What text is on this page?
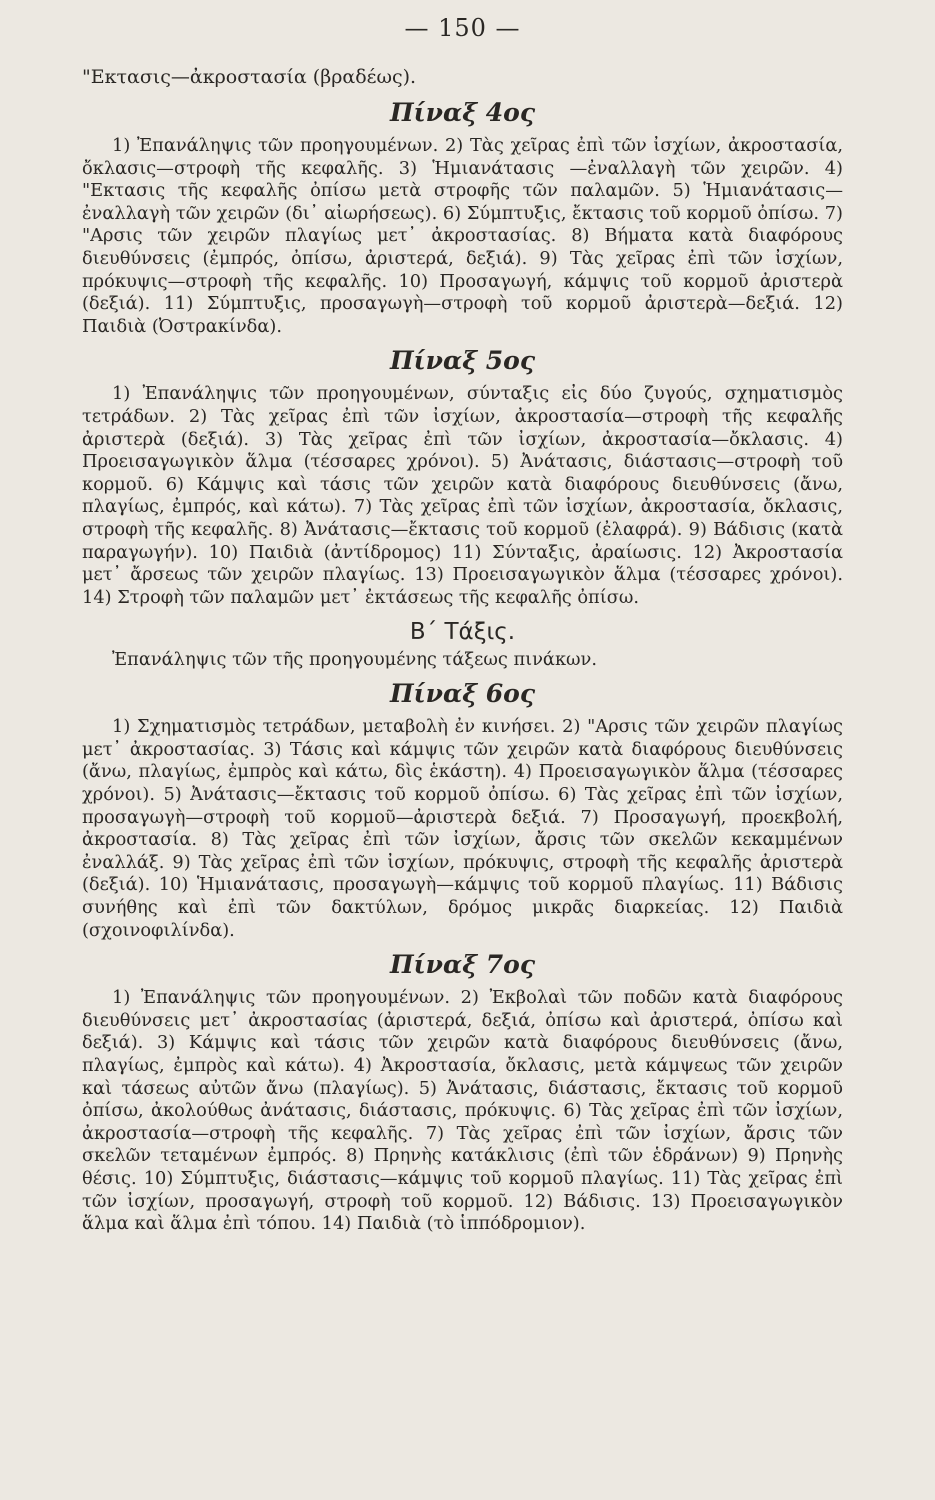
— 150 —
"Εκτασις—ἀκροστασία (βραδέως).
Πίναξ 4ος

1) Ἐπανάληψις τῶν προηγουμένων. 2) Τὰς χεῖρας ἐπὶ τῶν ἰσχίων, ἀκροστασία, ὄκλασις—στροφὴ τῆς κεφαλῆς. 3) Ἡμιανάτασις —ἐναλλαγὴ τῶν χειρῶν. 4) "Εκτασις τῆς κεφαλῆς ὀπίσω μετὰ στροφῆς τῶν παλαμῶν. 5) Ἡμιανάτασις—ἐναλλαγὴ τῶν χειρῶν (δι᾽ αἰωρήσεως). 6) Σύμπτυξις, ἔκτασις τοῦ κορμοῦ ὀπίσω. 7) "Αρσις τῶν χειρῶν πλαγίως μετ᾽ ἀκροστασίας. 8) Βήματα κατὰ διαφόρους διευθύνσεις (ἐμπρός, ὀπίσω, ἀριστερά, δεξιά). 9) Τὰς χεῖρας ἐπὶ τῶν ἰσχίων, πρόκυψις—στροφὴ τῆς κεφαλῆς. 10) Προσαγωγή, κάμψις τοῦ κορμοῦ ἀριστερὰ (δεξιά). 11) Σύμπτυξις, προσαγωγὴ—στροφὴ τοῦ κορμοῦ ἀριστερὰ—δεξιά. 12) Παιδιὰ (Ὀστρακίνδα).

Πίναξ 5ος

1) Ἐπανάληψις τῶν προηγουμένων, σύνταξις εἰς δύο ζυγούς, σχηματισμὸς τετράδων. 2) Τὰς χεῖρας ἐπὶ τῶν ἰσχίων, ἀκροστασία—στροφὴ τῆς κεφαλῆς ἀριστερὰ (δεξιά). 3) Τὰς χεῖρας ἐπὶ τῶν ἰσχίων, ἀκροστασία—ὄκλασις. 4) Προεισαγωγικὸν ἅλμα (τέσσαρες χρόνοι). 5) Ἀνάτασις, διάστασις—στροφὴ τοῦ κορμοῦ. 6) Κάμψις καὶ τάσις τῶν χειρῶν κατὰ διαφόρους διευθύνσεις (ἄνω, πλαγίως, ἐμπρός, καὶ κάτω). 7) Τὰς χεῖρας ἐπὶ τῶν ἰσχίων, ἀκροστασία, ὄκλασις, στροφὴ τῆς κεφαλῆς. 8) Ἀνάτασις—ἔκτασις τοῦ κορμοῦ (ἐλαφρά). 9) Βάδισις (κατὰ παραγωγήν). 10) Παιδιὰ (ἀντίδρομος) 11) Σύνταξις, ἀραίωσις. 12) Ἀκροστασία μετ᾽ ἄρσεως τῶν χειρῶν πλαγίως. 13) Προεισαγωγικὸν ἅλμα (τέσσαρες χρόνοι). 14) Στροφὴ τῶν παλαμῶν μετ᾽ ἐκτάσεως τῆς κεφαλῆς ὀπίσω.

Β΄ Τάξις.

Ἐπανάληψις τῶν τῆς προηγουμένης τάξεως πινάκων.

Πίναξ 6ος

1) Σχηματισμὸς τετράδων, μεταβολὴ ἐν κινήσει. 2) "Αρσις τῶν χειρῶν πλαγίως μετ᾽ ἀκροστασίας. 3) Τάσις καὶ κάμψις τῶν χειρῶν κατὰ διαφόρους διευθύνσεις (ἄνω, πλαγίως, ἐμπρὸς καὶ κάτω, δὶς ἑκάστη). 4) Προεισαγωγικὸν ἅλμα (τέσσαρες χρόνοι). 5) Ἀνάτασις—ἔκτασις τοῦ κορμοῦ ὀπίσω. 6) Τὰς χεῖρας ἐπὶ τῶν ἰσχίων, προσαγωγὴ—στροφὴ τοῦ κορμοῦ—ἀριστερὰ δεξιά. 7) Προσαγωγή, προεκβολή, ἀκροστασία. 8) Τὰς χεῖρας ἐπὶ τῶν ἰσχίων, ἄρσις τῶν σκελῶν κεκαμμένων ἐναλλάξ. 9) Τὰς χεῖρας ἐπὶ τῶν ἰσχίων, πρόκυψις, στροφὴ τῆς κεφαλῆς ἀριστερὰ (δεξιά). 10) Ἡμιανάτασις, προσαγωγὴ—κάμψις τοῦ κορμοῦ πλαγίως. 11) Βάδισις συνήθης καὶ ἐπὶ τῶν δακτύλων, δρόμος μικρᾶς διαρκείας. 12) Παιδιὰ (σχοινοφιλίνδα).

Πίναξ 7ος

1) Ἐπανάληψις τῶν προηγουμένων. 2) Ἐκβολαὶ τῶν ποδῶν κατὰ διαφόρους διευθύνσεις μετ᾽ ἀκροστασίας (ἀριστερά, δεξιά, ὀπίσω καὶ ἀριστερά, ὀπίσω καὶ δεξιά). 3) Κάμψις καὶ τάσις τῶν χειρῶν κατὰ διαφόρους διευθύνσεις (ἄνω, πλαγίως, ἐμπρὸς καὶ κάτω). 4) Ἀκροστασία, ὄκλασις, μετὰ κάμψεως τῶν χειρῶν καὶ τάσεως αὐτῶν ἄνω (πλαγίως). 5) Ἀνάτασις, διάστασις, ἔκτασις τοῦ κορμοῦ ὀπίσω, ἀκολούθως ἀνάτασις, διάστασις, πρόκυψις. 6) Τὰς χεῖρας ἐπὶ τῶν ἰσχίων, ἀκροστασία—στροφὴ τῆς κεφαλῆς. 7) Τὰς χεῖρας ἐπὶ τῶν ἰσχίων, ἄρσις τῶν σκελῶν τεταμένων ἐμπρός. 8) Πρηνὴς κατάκλισις (ἐπὶ τῶν ἑδράνων) 9) Πρηνὴς θέσις. 10) Σύμπτυξις, διάστασις—κάμψις τοῦ κορμοῦ πλαγίως. 11) Τὰς χεῖρας ἐπὶ τῶν ἰσχίων, προσαγωγή, στροφὴ τοῦ κορμοῦ. 12) Βάδισις. 13) Προεισαγωγικὸν ἅλμα καὶ ἅλμα ἐπὶ τόπου. 14) Παιδιὰ (τὸ ἱππόδρομιον).
